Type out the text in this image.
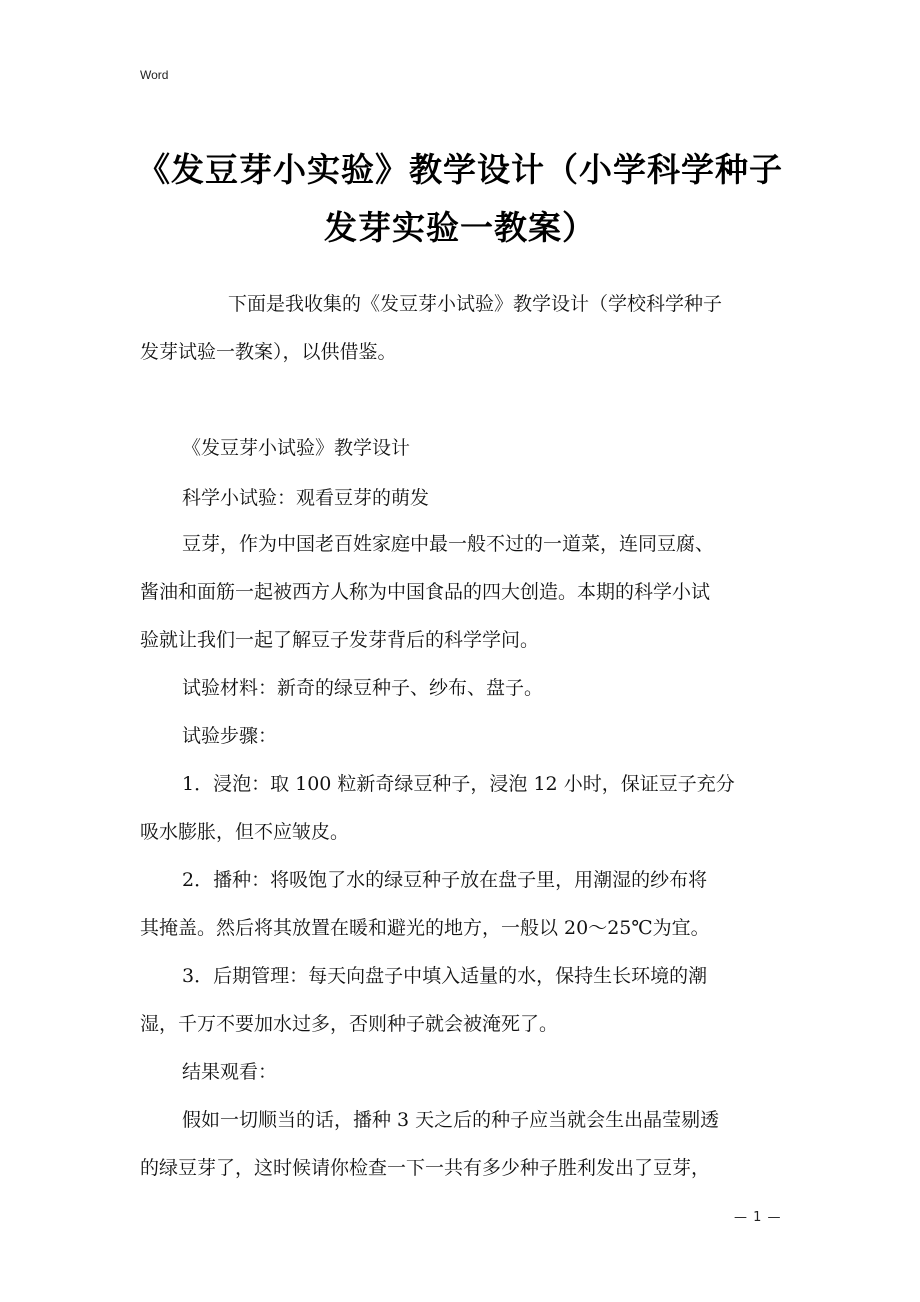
Word
《发豆芽小实验》教学设计（小学科学种子
发芽实验一教案）

下面是我收集的《发豆芽小试验》教学设计（学校科学种子

发芽试验一教案），以供借鉴。

《发豆芽小试验》教学设计

科学小试验：观看豆芽的萌发

豆芽，作为中国老百姓家庭中最一般不过的一道菜，连同豆腐、

酱油和面筋一起被西方人称为中国食品的四大创造。本期的科学小试

验就让我们一起了解豆子发芽背后的科学学问。

试验材料：新奇的绿豆种子、纱布、盘子。

试验步骤：

1．浸泡：取 100 粒新奇绿豆种子，浸泡 12 小时，保证豆子充分

吸水膨胀，但不应皱皮。

2．播种：将吸饱了水的绿豆种子放在盘子里，用潮湿的纱布将

其掩盖。然后将其放置在暖和避光的地方，一般以 20～25℃为宜。

3．后期管理：每天向盘子中填入适量的水，保持生长环境的潮

湿，千万不要加水过多，否则种子就会被淹死了。

结果观看：

假如一切顺当的话，播种 3 天之后的种子应当就会生出晶莹剔透

的绿豆芽了，这时候请你检查一下一共有多少种子胜利发出了豆芽，

— 1 —
